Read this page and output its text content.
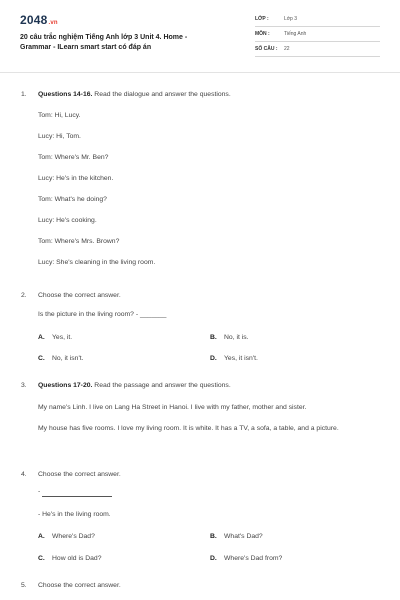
2048.vn
20 câu trắc nghiệm Tiếng Anh lớp 3 Unit 4. Home - Grammar - ILearn smart start có đáp án
LỚP :	Lớp 3
MÔN :	Tiếng Anh
SỐ CÂU : 22
1. Questions 14-16. Read the dialogue and answer the questions.
Tom: Hi, Lucy.
Lucy: Hi, Tom.
Tom: Where's Mr. Ben?
Lucy: He's in the kitchen.
Tom: What's he doing?
Lucy: He's cooking.
Tom: Where's Mrs. Brown?
Lucy: She's cleaning in the living room.
2. Choose the correct answer.
Is the picture in the living room? - _______
A. Yes, it.	B. No, it is.
C. No, it isn't.	D. Yes, it isn't.
3. Questions 17-20. Read the passage and answer the questions.
My name's Linh. I live on Lang Ha Street in Hanoi. I live with my father, mother and sister.
My house has five rooms. I love my living room. It is white. It has a TV, a sofa, a table, and a picture.
4. Choose the correct answer.
-
- He's in the living room.
A. Where's Dad?	B. What's Dad?
C. How old is Dad?	D. Where's Dad from?
5. Choose the correct answer.
